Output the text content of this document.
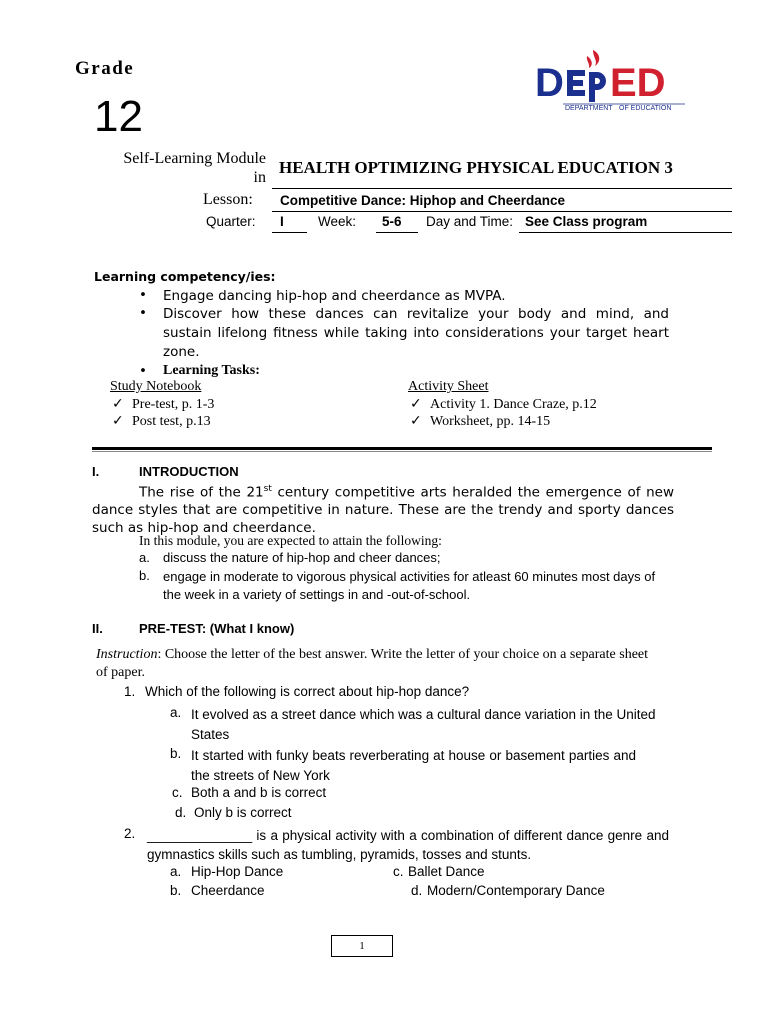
Grade
12
D ED
DEPARTMENT OF EDUCATION
Self-Learning Module
in
HEALTH OPTIMIZING PHYSICAL EDUCATION 3
Lesson: Competitive Dance: Hiphop and Cheerdance
Quarter: I	Week: 5-6 Day and Time: See Class program
Learning competency/ies:
• Engage dancing hip-hop and cheerdance as MVPA.
• Discover how these dances can revitalize your body and mind, and sustain lifelong fitness while taking into considerations your target heart zone.
• Learning Tasks:
Study Notebook
✓ Pre-test, p. 1-3
✓ Post test, p.13
Activity Sheet
✓ Activity 1. Dance Craze, p.12
✓ Worksheet, pp. 14-15
I.	INTRODUCTION
The rise of the 21st century competitive arts heralded the emergence of new dance styles that are competitive in nature. These are the trendy and sporty dances such as hip-hop and cheerdance.
In this module, you are expected to attain the following:
a. discuss the nature of hip-hop and cheer dances;
b. engage in moderate to vigorous physical activities for atleast 60 minutes most days of the week in a variety of settings in and -out-of-school.
II.	PRE-TEST: (What I know)
Instruction: Choose the letter of the best answer. Write the letter of your choice on a separate sheet of paper.
1. Which of the following is correct about hip-hop dance?
a. It evolved as a street dance which was a cultural dance variation in the United States
b. It started with funky beats reverberating at house or basement parties and the streets of New York
c. Both a and b is correct
d. Only b is correct
2. ______________ is a physical activity with a combination of different dance genre and gymnastics skills such as tumbling, pyramids, tosses and stunts.
a. Hip-Hop Dance	c. Ballet Dance
b. Cheerdance	d. Modern/Contemporary Dance
1
